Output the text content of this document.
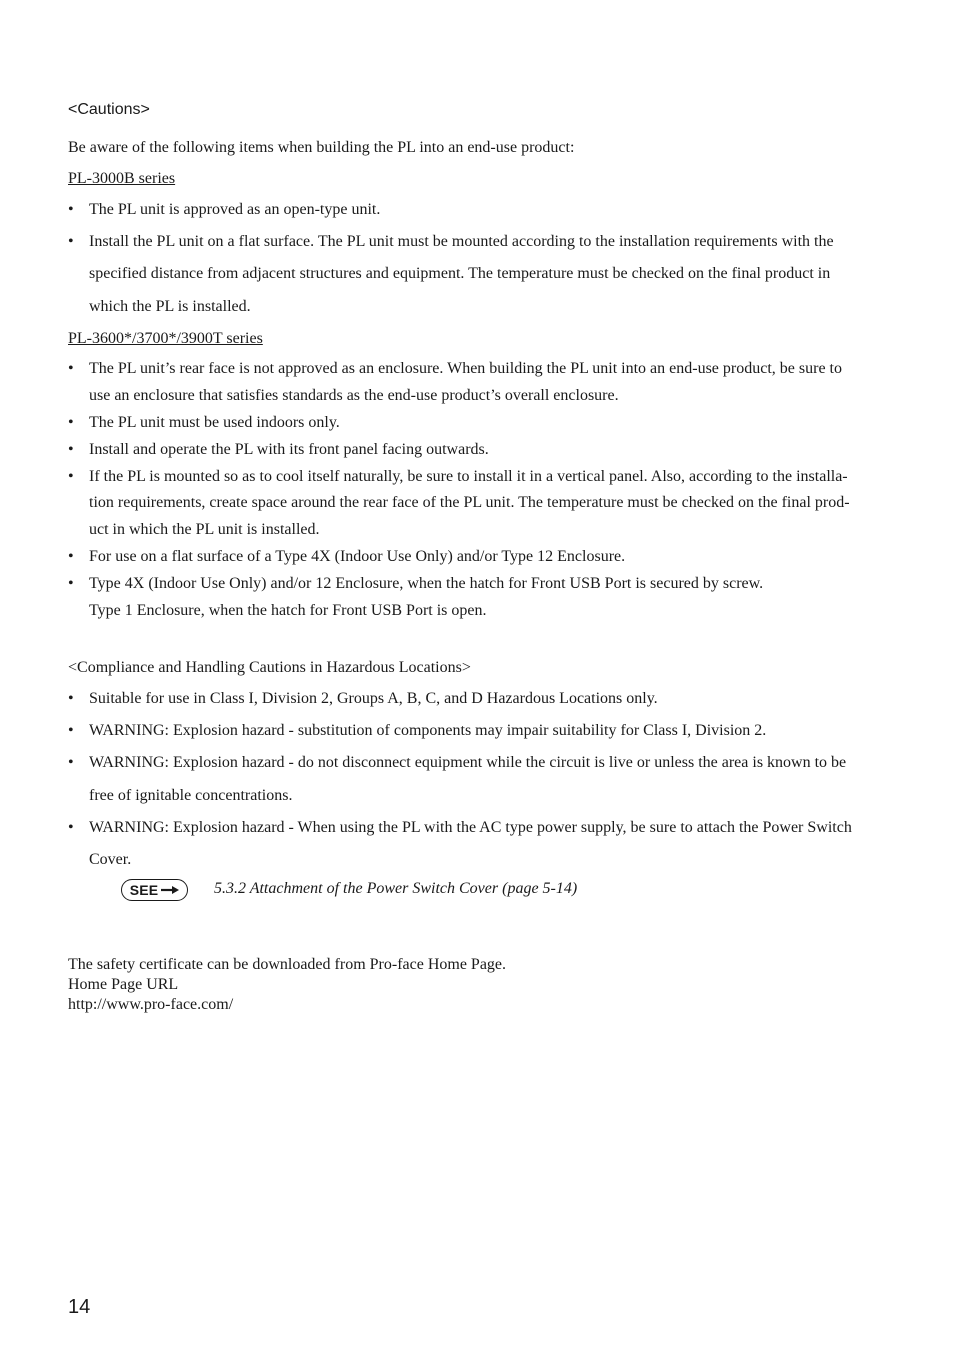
<Cautions>

Be aware of the following items when building the PL into an end-use product:

PL-3000B series

• The PL unit is approved as an open-type unit.
• Install the PL unit on a flat surface. The PL unit must be mounted according to the installation requirements with the
specified distance from adjacent structures and equipment. The temperature must be checked on the final product in
which the PL is installed.

PL-3600*/3700*/3900T series

• The PL unit’s rear face is not approved as an enclosure. When building the PL unit into an end-use product, be sure to
use an enclosure that satisfies standards as the end-use product’s overall enclosure.
• The PL unit must be used indoors only.
• Install and operate the PL with its front panel facing outwards.
• If the PL is mounted so as to cool itself naturally, be sure to install it in a vertical panel. Also, according to the installa-
tion requirements, create space around the rear face of the PL unit. The temperature must be checked on the final prod-
uct in which the PL unit is installed.
• For use on a flat surface of a Type 4X (Indoor Use Only) and/or Type 12 Enclosure.
• Type 4X (Indoor Use Only) and/or 12 Enclosure, when the hatch for Front USB Port is secured by screw.
Type 1 Enclosure, when the hatch for Front USB Port is open.

<Compliance and Handling Cautions in Hazardous Locations>

• Suitable for use in Class I, Division 2, Groups A, B, C, and D Hazardous Locations only.
• WARNING: Explosion hazard - substitution of components may impair suitability for Class I, Division 2.
• WARNING: Explosion hazard - do not disconnect equipment while the circuit is live or unless the area is known to be
free of ignitable concentrations.
• WARNING: Explosion hazard - When using the PL with the AC type power supply, be sure to attach the Power Switch
Cover.
SEE	5.3.2 Attachment of the Power Switch Cover (page 5-14)

The safety certificate can be downloaded from Pro-face Home Page.

Home Page URL

http://www.pro-face.com/

14
